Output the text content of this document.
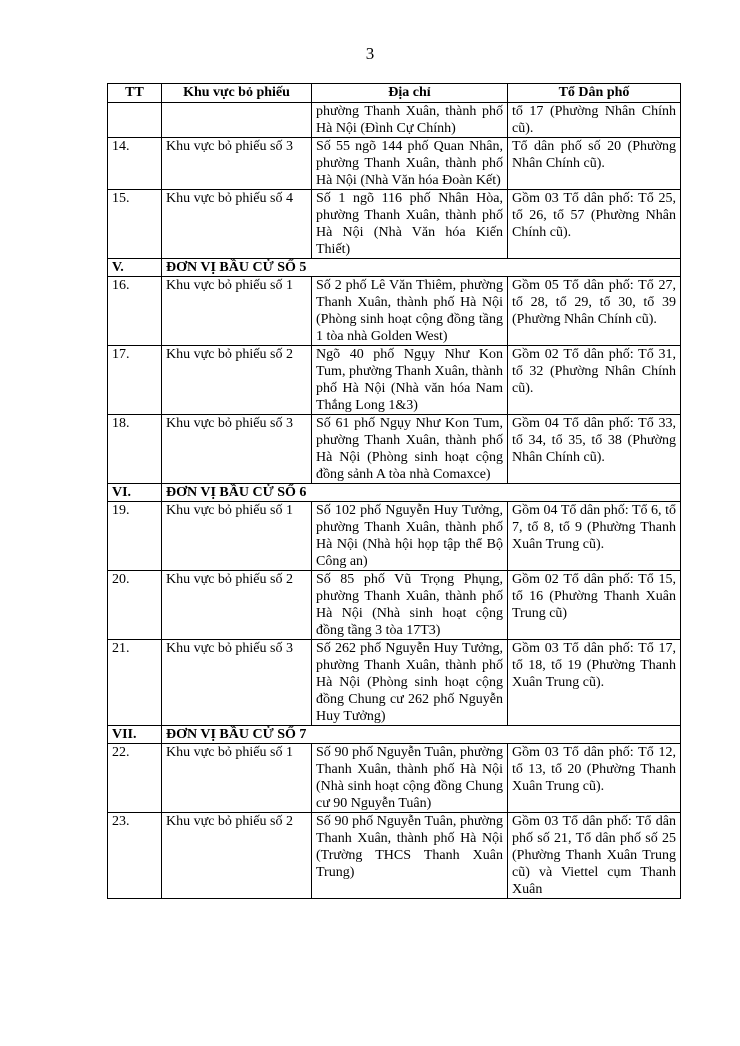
3
TT	Khu vực bỏ phiếu	Địa chỉ	Tổ Dân phố
		phường Thanh Xuân, thành phố Hà Nội (Đình Cự Chính)	tổ 17 (Phường Nhân Chính cũ).
14.	Khu vực bỏ phiếu số 3	Số 55 ngõ 144 phố Quan Nhân, phường Thanh Xuân, thành phố Hà Nội (Nhà Văn hóa Đoàn Kết)	Tổ dân phố số 20 (Phường Nhân Chính cũ).
15.	Khu vực bỏ phiếu số 4	Số 1 ngõ 116 phố Nhân Hòa, phường Thanh Xuân, thành phố Hà Nội (Nhà Văn hóa Kiến Thiết)	Gồm 03 Tổ dân phố: Tổ 25, tổ 26, tổ 57 (Phường Nhân Chính cũ).
V.	ĐƠN VỊ BẦU CỬ SỐ 5		
16.	Khu vực bỏ phiếu số 1	Số 2 phố Lê Văn Thiêm, phường Thanh Xuân, thành phố Hà Nội (Phòng sinh hoạt cộng đồng tầng 1 tòa nhà Golden West)	Gồm 05 Tổ dân phố: Tổ 27, tổ 28, tổ 29, tổ 30, tổ 39 (Phường Nhân Chính cũ).
17.	Khu vực bỏ phiếu số 2	Ngõ 40 phố Ngụy Như Kon Tum, phường Thanh Xuân, thành phố Hà Nội (Nhà văn hóa Nam Thắng Long 1&3)	Gồm 02 Tổ dân phố: Tổ 31, tổ 32 (Phường Nhân Chính cũ).
18.	Khu vực bỏ phiếu số 3	Số 61 phố Ngụy Như Kon Tum, phường Thanh Xuân, thành phố Hà Nội (Phòng sinh hoạt cộng đồng sảnh A tòa nhà Comaxce)	Gồm 04 Tổ dân phố: Tổ 33, tổ 34, tổ 35, tổ 38 (Phường Nhân Chính cũ).
VI.	ĐƠN VỊ BẦU CỬ SỐ 6		
19.	Khu vực bỏ phiếu số 1	Số 102 phố Nguyễn Huy Tưởng, phường Thanh Xuân, thành phố Hà Nội (Nhà hội họp tập thể Bộ Công an)	Gồm 04 Tổ dân phố: Tổ 6, tổ 7, tổ 8, tổ 9 (Phường Thanh Xuân Trung cũ).
20.	Khu vực bỏ phiếu số 2	Số 85 phố Vũ Trọng Phụng, phường Thanh Xuân, thành phố Hà Nội (Nhà sinh hoạt cộng đồng tầng 3 tòa 17T3)	Gồm 02 Tổ dân phố: Tổ 15, tổ 16 (Phường Thanh Xuân Trung cũ)
21.	Khu vực bỏ phiếu số 3	Số 262 phố Nguyễn Huy Tưởng, phường Thanh Xuân, thành phố Hà Nội (Phòng sinh hoạt cộng đồng Chung cư 262 phố Nguyễn Huy Tưởng)	Gồm 03 Tổ dân phố: Tổ 17, tổ 18, tổ 19 (Phường Thanh Xuân Trung cũ).
VII.	ĐƠN VỊ BẦU CỬ SỐ 7		
22.	Khu vực bỏ phiếu số 1	Số 90 phố Nguyễn Tuân, phường Thanh Xuân, thành phố Hà Nội (Nhà sinh hoạt cộng đồng Chung cư 90 Nguyễn Tuân)	Gồm 03 Tổ dân phố: Tổ 12, tổ 13, tổ 20 (Phường Thanh Xuân Trung cũ).
23.	Khu vực bỏ phiếu số 2	Số 90 phố Nguyễn Tuân, phường Thanh Xuân, thành phố Hà Nội (Trường THCS Thanh Xuân Trung)	Gồm 03 Tổ dân phố: Tổ dân phố số 21, Tổ dân phố số 25 (Phường Thanh Xuân Trung cũ) và Viettel cụm Thanh Xuân
